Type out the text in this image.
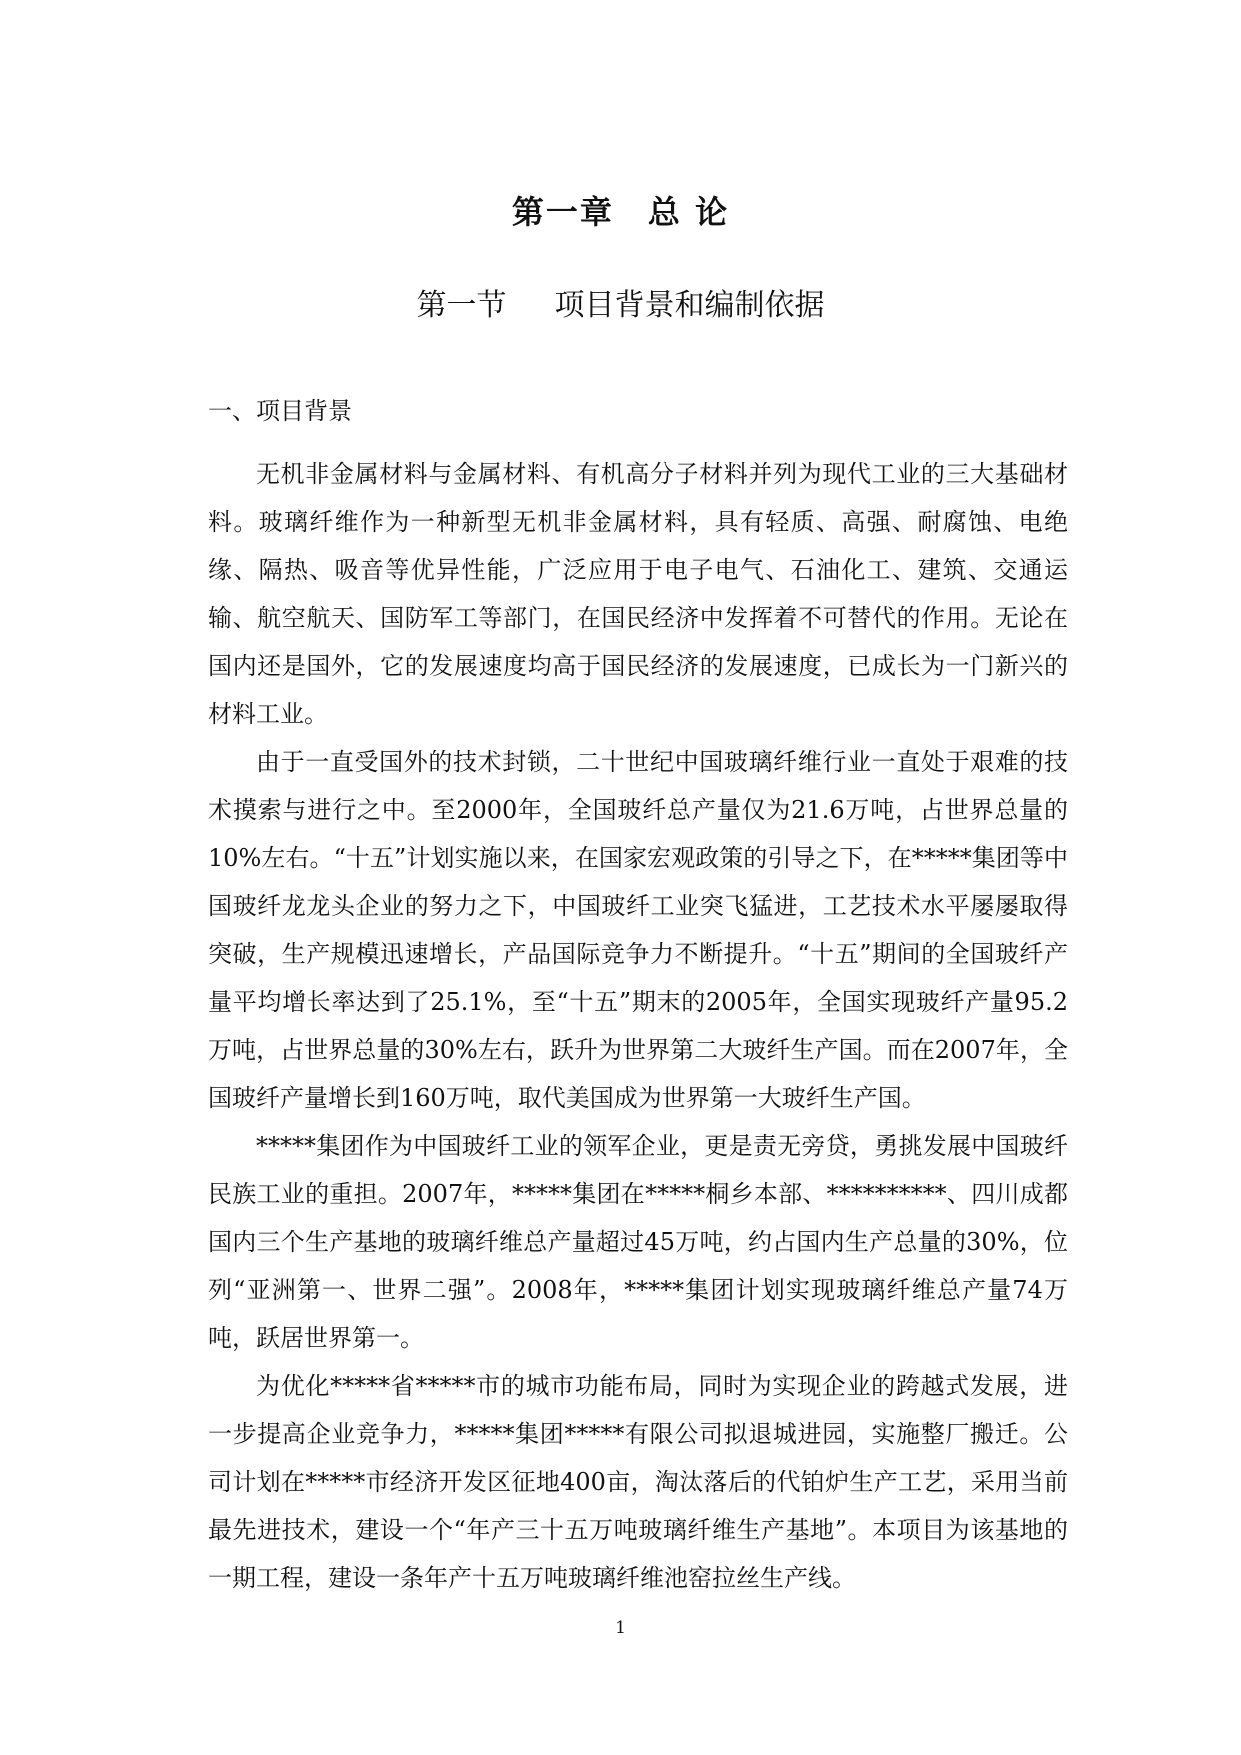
第一章　总 论
第一节 项目背景和编制依据
一、项目背景

无机非金属材料与金属材料、有机高分子材料并列为现代工业的三大基础材料。玻璃纤维作为一种新型无机非金属材料，具有轻质、高强、耐腐蚀、电绝缘、隔热、吸音等优异性能，广泛应用于电子电气、石油化工、建筑、交通运输、航空航天、国防军工等部门，在国民经济中发挥着不可替代的作用。无论在国内还是国外，它的发展速度均高于国民经济的发展速度，已成长为一门新兴的材料工业。

由于一直受国外的技术封锁，二十世纪中国玻璃纤维行业一直处于艰难的技术摸索与进行之中。至2000年，全国玻纤总产量仅为21.6万吨，占世界总量的10%左右。“十五”计划实施以来，在国家宏观政策的引导之下，在*****集团等中国玻纤龙龙头企业的努力之下，中国玻纤工业突飞猛进，工艺技术水平屡屡取得突破，生产规模迅速增长，产品国际竞争力不断提升。“十五”期间的全国玻纤产量平均增长率达到了25.1%，至“十五”期末的2005年，全国实现玻纤产量95.2万吨，占世界总量的30%左右，跃升为世界第二大玻纤生产国。而在2007年，全国玻纤产量增长到160万吨，取代美国成为世界第一大玻纤生产国。

*****集团作为中国玻纤工业的领军企业，更是责无旁贷，勇挑发展中国玻纤民族工业的重担。2007年，*****集团在*****桐乡本部、**********、四川成都国内三个生产基地的玻璃纤维总产量超过45万吨，约占国内生产总量的30%，位列“亚洲第一、世界二强”。2008年，*****集团计划实现玻璃纤维总产量74万吨，跃居世界第一。

为优化*****省*****市的城市功能布局，同时为实现企业的跨越式发展，进一步提高企业竞争力，*****集团*****有限公司拟退城进园，实施整厂搬迁。公司计划在*****市经济开发区征地400亩，淘汰落后的代铂炉生产工艺，采用当前最先进技术，建设一个“年产三十五万吨玻璃纤维生产基地”。本项目为该基地的一期工程，建设一条年产十五万吨玻璃纤维池窑拉丝生产线。

1
